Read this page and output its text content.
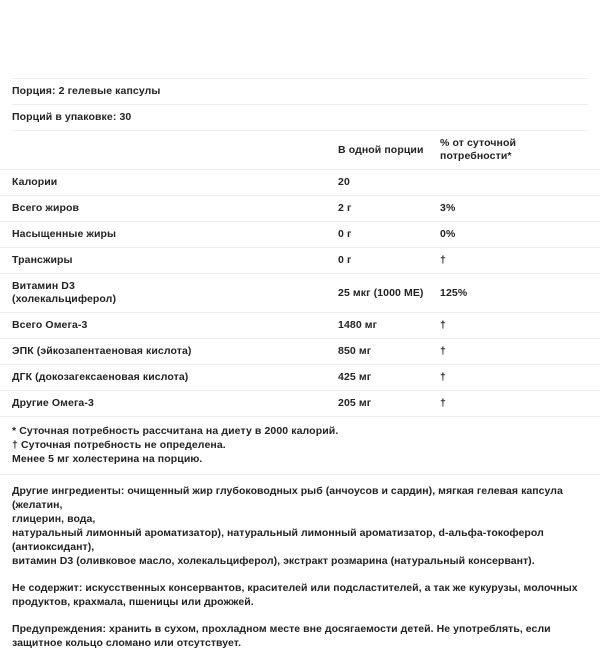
Порция: 2 гелевые капсулы
Порций в упаковке: 30
	В одной порции	% от суточной потребности*
Калории	20	
Всего жиров	2 г	3%
Насыщенные жиры	0 г	0%
Трансжиры	0 г	†
Витамин D3
(холекальциферол)	25 мкг (1000 МЕ)	125%
Всего Омега-3	1480 мг	†
ЭПК (эйкозапентаеновая кислота)	850 мг	†
ДГК (докозагексаеновая кислота)	425 мг	†
Другие Омега-3	205 мг	†

* Суточная потребность рассчитана на диету в 2000 калорий.

† Суточная потребность не определена.

Менее 5 мг холестерина на порцию.

Другие ингредиенты: очищенный жир глубоководных рыб (анчоусов и сардин), мягкая гелевая капсула (желатин,
глицерин, вода,
натуральный лимонный ароматизатор), натуральный лимонный ароматизатор, d-альфа-токоферол (антиоксидант),
витамин D3 (оливковое масло, холекальциферол), экстракт розмарина (натуральный консервант).

Не содержит: искусственных консервантов, красителей или подсластителей, а так же кукурузы, молочных продуктов, крахмала, пшеницы или дрожжей.

Предупреждения: хранить в сухом, прохладном месте вне досягаемости детей. Не употреблять, если защитное кольцо сломано или отсутствует.
